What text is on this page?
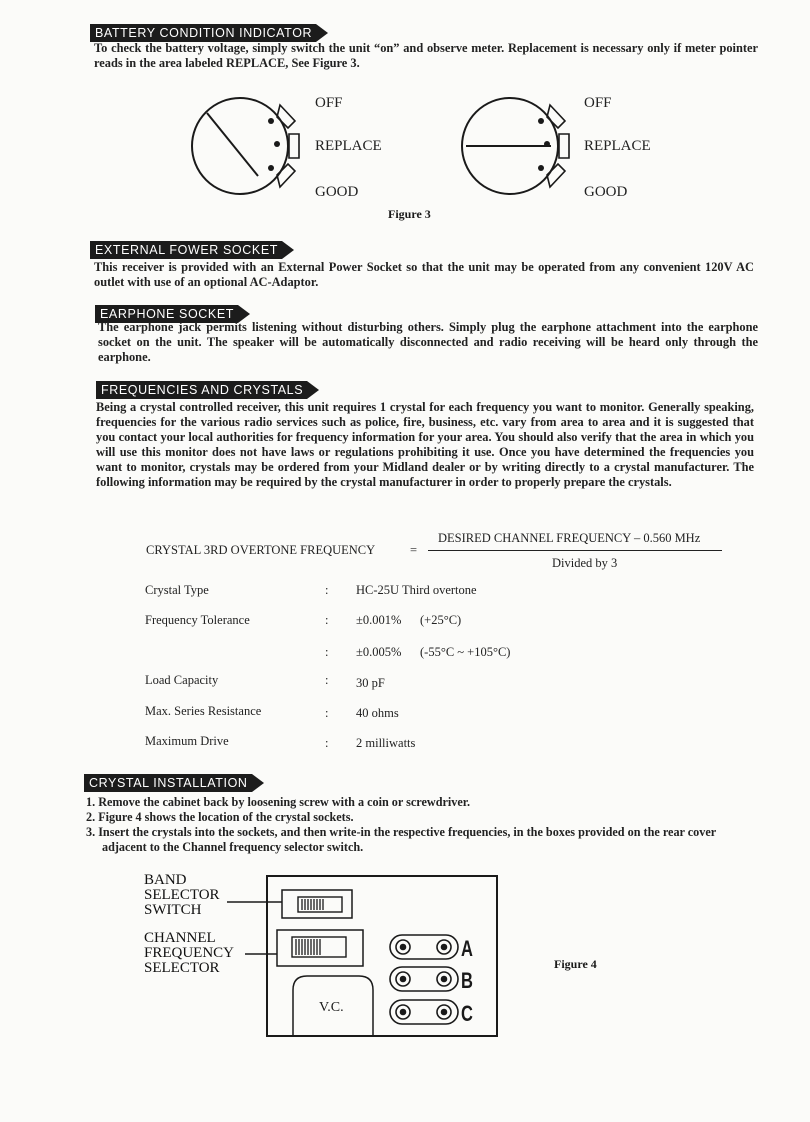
BATTERY CONDITION INDICATOR
To check the battery voltage, simply switch the unit “on” and observe meter. Replacement is necessary only if meter pointer reads in the area labeled REPLACE, See Figure 3.
OFF
REPLACE
GOOD
OFF
REPLACE
GOOD
Figure 3
EXTERNAL FOWER SOCKET
This receiver is provided with an External Power Socket so that the unit may be operated from any convenient 120V AC outlet with use of an optional AC-Adaptor.
EARPHONE SOCKET
The earphone jack permits listening without disturbing others. Simply plug the earphone attachment into the earphone socket on the unit. The speaker will be automatically disconnected and radio receiving will be heard only through the earphone.
FREQUENCIES AND CRYSTALS
Being a crystal controlled receiver, this unit requires 1 crystal for each frequency you want to monitor. Generally speaking, frequencies for the various radio services such as police, fire, business, etc. vary from area to area and it is suggested that you contact your local authorities for frequency information for your area. You should also verify that the area in which you will use this monitor does not have laws or regulations prohibiting it use. Once you have determined the frequencies you want to monitor, crystals may be ordered from your Midland dealer or by writing directly to a crystal manufacturer. The following information may be required by the crystal manufacturer in order to properly prepare the crystals.
CRYSTAL 3RD OVERTONE FREQUENCY	=
DESIRED CHANNEL FREQUENCY – 0.560 MHz
Divided by 3
Crystal Type	: HC-25U Third overtone
Frequency Tolerance	: ±0.001% (+25°C)
: ±0.005% (-55°C ~ +105°C)
Load Capacity	: 30 pF
Max. Series Resistance	: 40 ohms
Maximum Drive	: 2 milliwatts
CRYSTAL INSTALLATION
1. Remove the cabinet back by loosening screw with a coin or screwdriver.
2. Figure 4 shows the location of the crystal sockets.
3. Insert the crystals into the sockets, and then write-in the respective frequencies, in the boxes provided on the rear cover adjacent to the Channel frequency selector switch.
BAND
SELECTOR
SWITCH
CHANNEL
FREQUENCY
SELECTOR
V.C.
A
B
C
Figure 4
